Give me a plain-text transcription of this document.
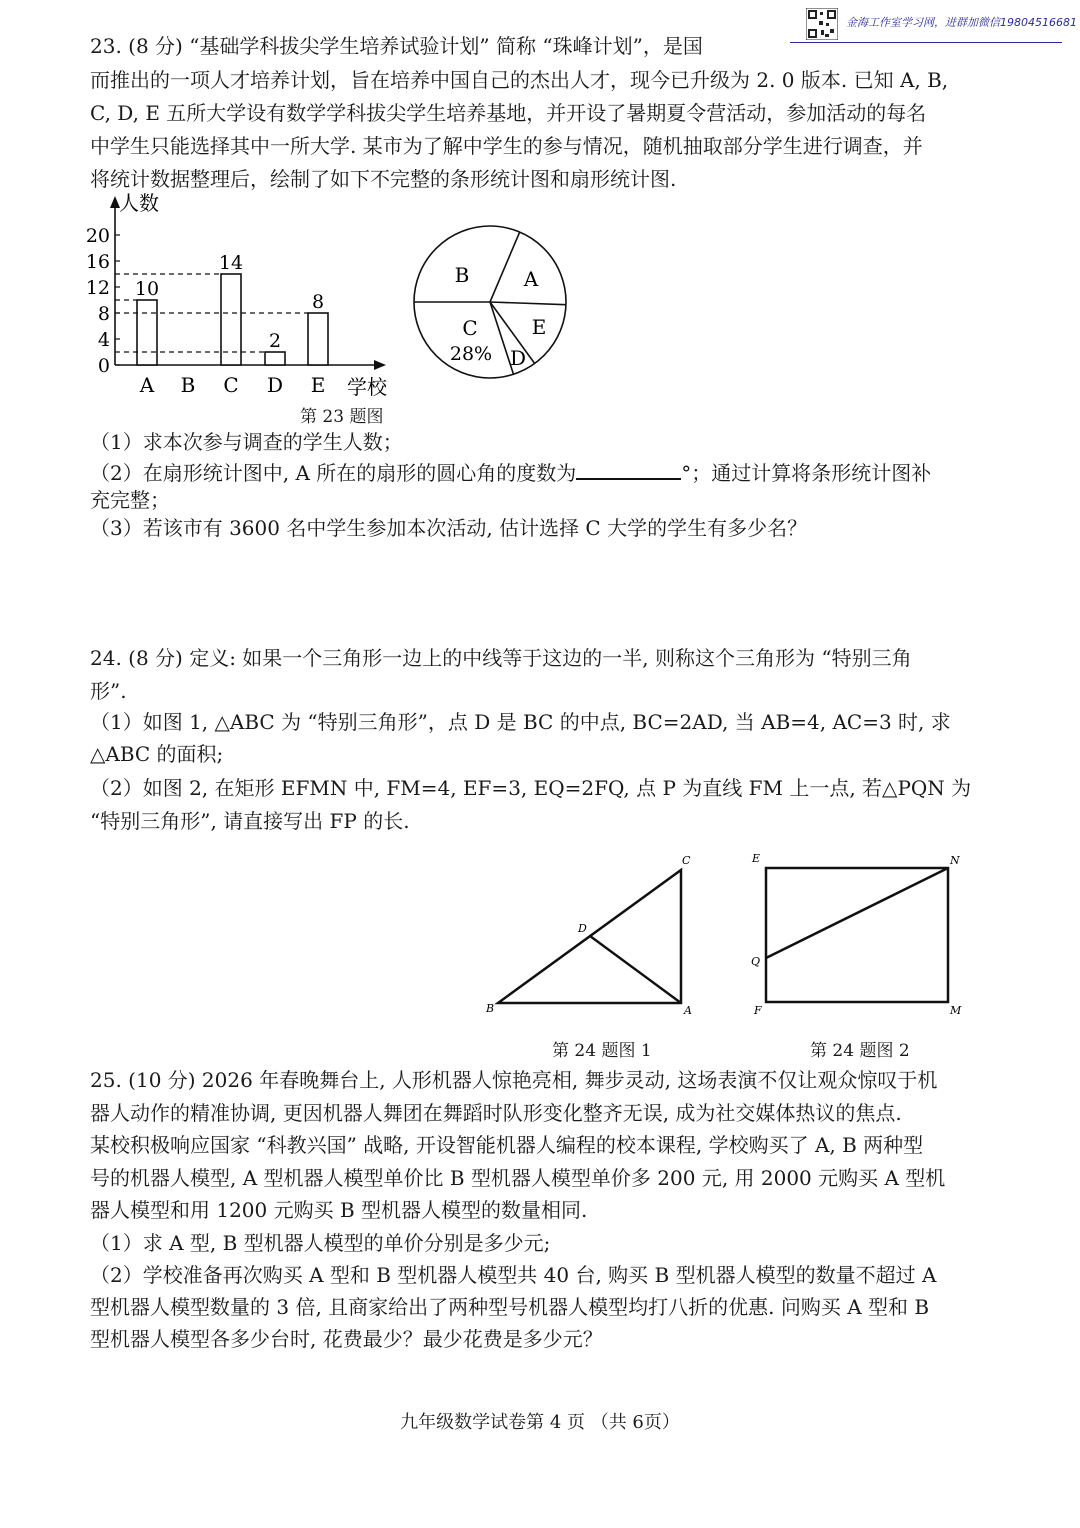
金海工作室学习网，进群加微信19804516681
23. (8 分) “基础学科拔尖学生培养试验计划” 简称 “珠峰计划”，是国
而推出的一项人才培养计划，旨在培养中国自己的杰出人才，现今已升级为 2. 0 版本. 已知 A, B,
C, D, E 五所大学设有数学学科拔尖学生培养基地，并开设了暑期夏令营活动，参加活动的每名
中学生只能选择其中一所大学. 某市为了解中学生的参与情况，随机抽取部分学生进行调查，并
将统计数据整理后，绘制了如下不完整的条形统计图和扇形统计图.
人数
学校
0
4
8
12
16
20
A
10
B C
14
D
2
E
8
B	A
E
D
C
28%
第 23 题图
（1）求本次参与调查的学生人数；
（2）在扇形统计图中, A 所在的扇形的圆心角的度数为	°；通过计算将条形统计图补
充完整；
（3）若该市有 3600 名中学生参加本次活动, 估计选择 C 大学的学生有多少名？
24. (8 分) 定义: 如果一个三角形一边上的中线等于这边的一半, 则称这个三角形为 “特别三角
形”.
（1）如图 1, △ABC 为 “特别三角形”，点 D 是 BC 的中点, BC=2AD, 当 AB=4, AC=3 时, 求
△ABC 的面积;
（2）如图 2, 在矩形 EFMN 中, FM=4, EF=3, EQ=2FQ, 点 P 为直线 FM 上一点, 若△PQN 为
“特别三角形”, 请直接写出 FP 的长.
C
D
B	A
E	N
Q
F	M
第 24 题图 1	第 24 题图 2
25. (10 分) 2026 年春晚舞台上, 人形机器人惊艳亮相, 舞步灵动, 这场表演不仅让观众惊叹于机
器人动作的精准协调, 更因机器人舞团在舞蹈时队形变化整齐无误, 成为社交媒体热议的焦点.
某校积极响应国家 “科教兴国” 战略, 开设智能机器人编程的校本课程, 学校购买了 A, B 两种型
号的机器人模型, A 型机器人模型单价比 B 型机器人模型单价多 200 元, 用 2000 元购买 A 型机
器人模型和用 1200 元购买 B 型机器人模型的数量相同.
（1）求 A 型, B 型机器人模型的单价分别是多少元;
（2）学校准备再次购买 A 型和 B 型机器人模型共 40 台, 购买 B 型机器人模型的数量不超过 A
型机器人模型数量的 3 倍, 且商家给出了两种型号机器人模型均打八折的优惠. 问购买 A 型和 B
型机器人模型各多少台时, 花费最少？最少花费是多少元？
九年级数学试卷第 4 页 （共 6页）
